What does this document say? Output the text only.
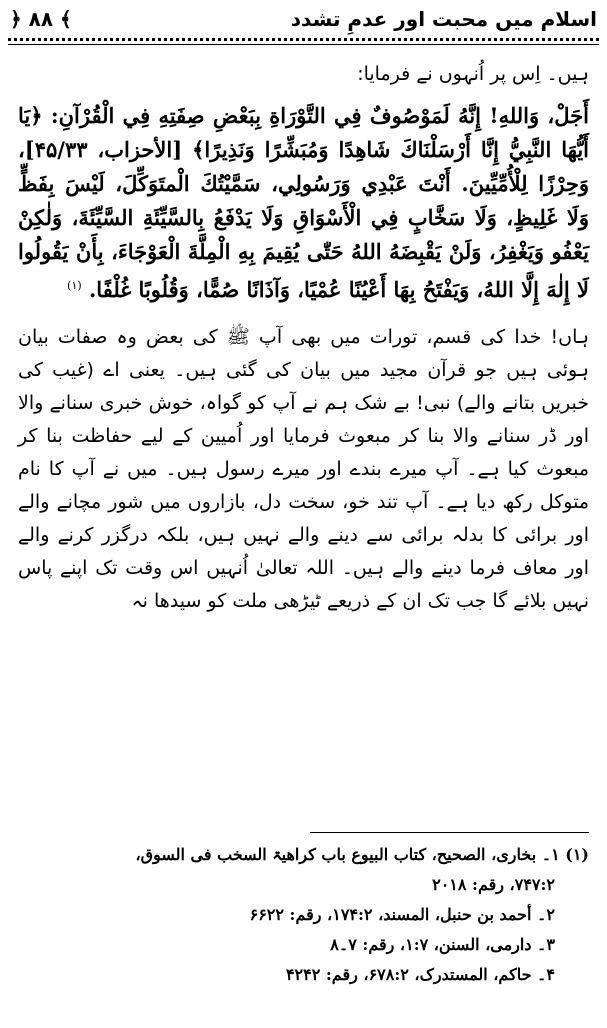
اسلام میں محبت اور عدمِ تشدد
﴿ ۸۸ ﴾

ہیں۔ اِس پر اُنہوں نے فرمایا:

أَجَلْ، وَاللهِ! إِنَّهُ لَمَوْصُوفٌ فِي التَّوْرَاةِ بِبَعْضِ صِفَتِهِ فِي الْقُرْآنِ: ﴿يَا أَيُّهَا النَّبِيُّ إِنَّا أَرْسَلْنَاكَ شَاهِدًا وَمُبَشِّرًا وَنَذِيرًا﴾ [الأحزاب، ۴۵/۳۳]، وَحِرْزًا لِلْأُمِّيِّينَ. أَنْتَ عَبْدِي وَرَسُولِي، سَمَّيْتُكَ الْمتَوَكِّلَ، لَيْسَ بِفَظٍّ وَلَا غَلِيظٍ، وَلَا سَخَّابٍ فِي الْأَسْوَاقِ وَلَا يَدْفَعُ بِالسَّيِّئَةِ السَّيِّئَةَ، وَلٰكِنْ يَعْفُو وَيَغْفِرُ، وَلَنْ يَقْبِضَهُ اللهُ حَتّٰى يُقِيمَ بِهِ الْمِلَّةَ الْعَوْجَاءَ، بِأَنْ يَقُولُوا لَا إِلٰهَ إِلَّا اللهُ، وَيَفْتَحُ بِهَا أَعْيُنًا عُمْيًا، وَآذَانًا صُمًّا، وَقُلُوبًا غُلْفًا. $^{(۱)}$

ہاں! خدا کی قسم، تورات میں بھی آپ ﷺ کی بعض وہ صفات بیان ہوئی ہیں جو قرآن مجید میں بیان کی گئی ہیں۔ یعنی اے (غیب کی خبریں بتانے والے) نبی! بے شک ہم نے آپ کو گواہ، خوش خبری سنانے والا اور ڈر سنانے والا بنا کر مبعوث فرمایا اور اُمیین کے لیے حفاظت بنا کر مبعوث کیا ہے۔ آپ میرے بندے اور میرے رسول ہیں۔ میں نے آپ کا نام متوکل رکھ دیا ہے۔ آپ تند خو، سخت دل، بازاروں میں شور مچانے والے اور برائی کا بدلہ برائی سے دینے والے نہیں ہیں، بلکہ درگزر کرنے والے اور معاف فرما دینے والے ہیں۔ اللہ تعالیٰ اُنہیں اس وقت تک اپنے پاس نہیں بلائے گا جب تک ان کے ذریعے ٹیڑھی ملت کو سیدھا نہ

(۱) ۱۔ بخاری، الصحیح، کتاب البیوع باب کراھیۃ السخب فی السوق،
۷۴۷:۲، رقم: ۲۰۱۸
۲۔ أحمد بن حنبل، المسند، ۱۷۴:۲، رقم: ۶۶۲۲
۳۔ دارمی، السنن، ۱:۷، رقم: ۷۔۸
۴۔ حاکم، المستدرک، ۶۷۸:۲، رقم: ۴۲۴۲
